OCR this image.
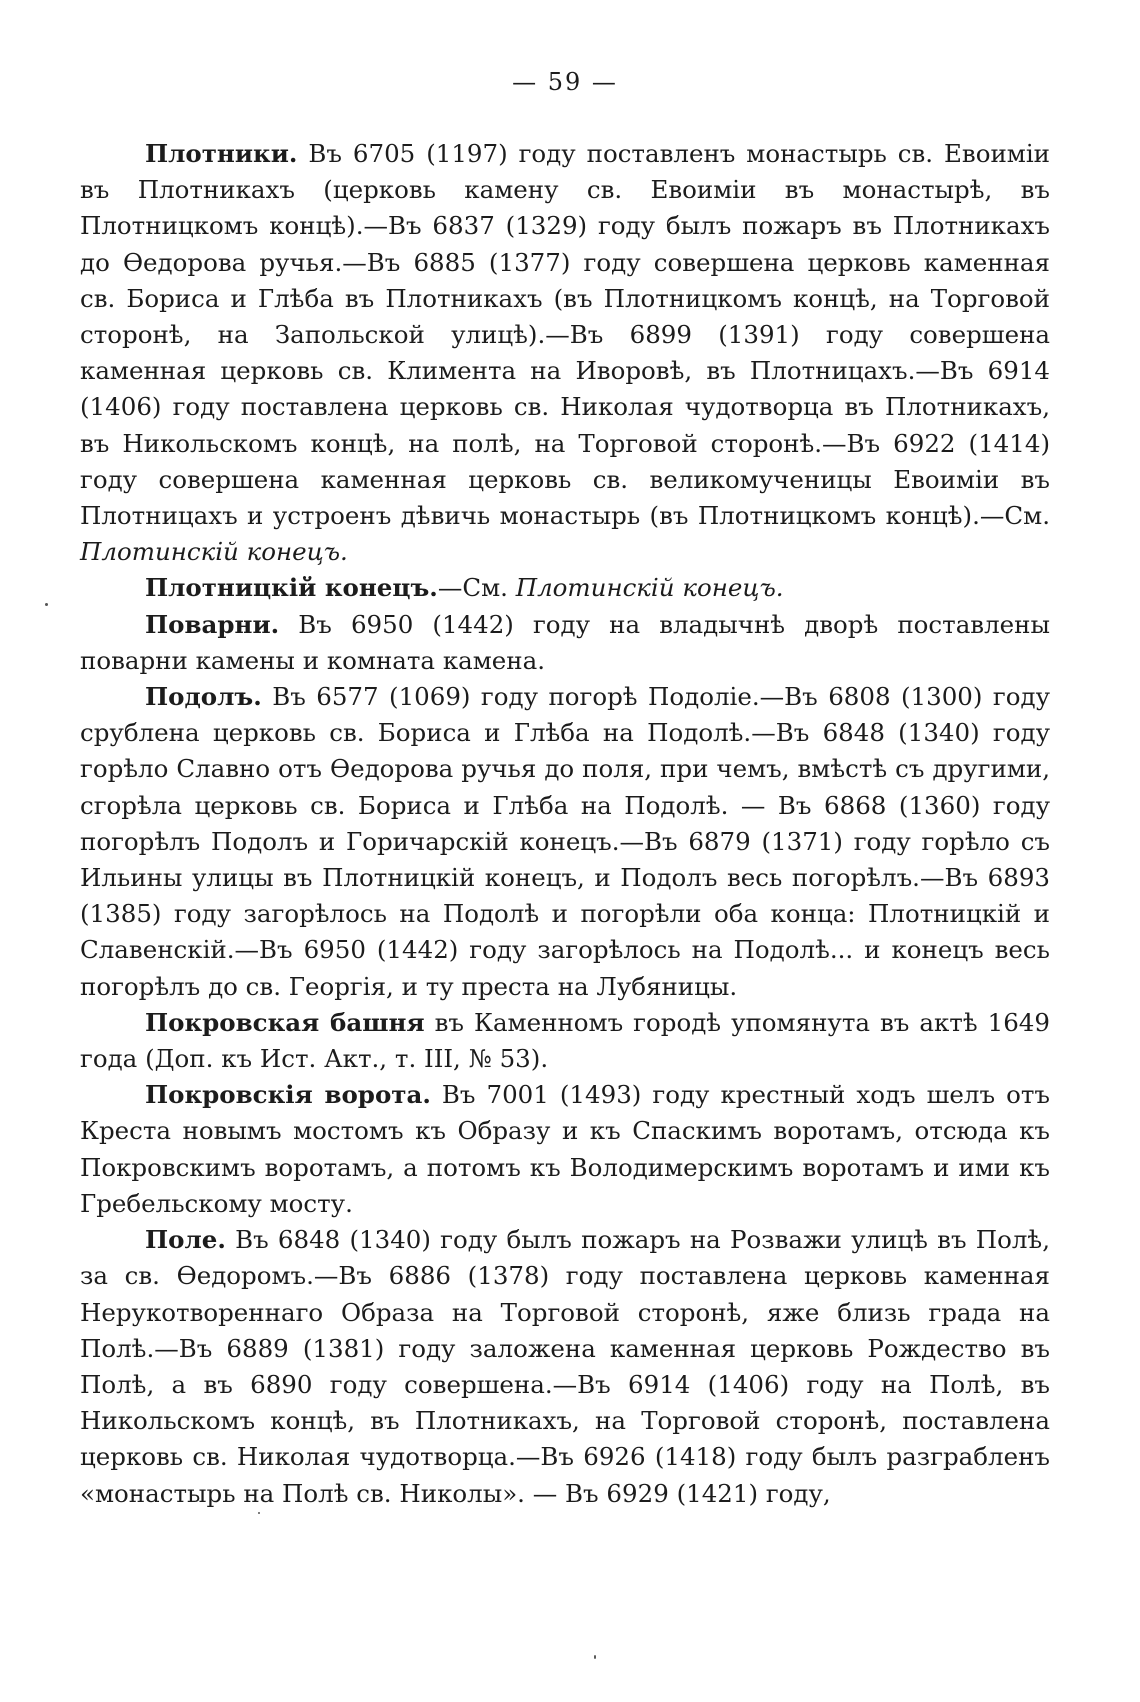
— 59 —

Плотники. Въ 6705 (1197) году поставленъ монастырь св. Евоиміи въ Плотникахъ (церковь камену св. Евоиміи въ монастырѣ, въ Плотницкомъ концѣ).—Въ 6837 (1329) году былъ пожаръ въ Плотникахъ до Өедорова ручья.—Въ 6885 (1377) году совершена церковь каменная св. Бориса и Глѣба въ Плотникахъ (въ Плотницкомъ концѣ, на Торговой сторонѣ, на Запольской улицѣ).—Въ 6899 (1391) году совершена каменная церковь св. Климента на Иворовѣ, въ Плотницахъ.—Въ 6914 (1406) году поставлена церковь св. Николая чудотворца въ Плотникахъ, въ Никольскомъ концѣ, на полѣ, на Торговой сторонѣ.—Въ 6922 (1414) году совершена каменная церковь св. великомученицы Евоиміи въ Плотницахъ и устроенъ дѣвичь монастырь (въ Плотницкомъ концѣ).—См. Плотинскій конецъ.

Плотницкій конецъ.—См. Плотинскій конецъ.

Поварни. Въ 6950 (1442) году на владычнѣ дворѣ поставлены поварни камены и комната камена.

Подолъ. Въ 6577 (1069) году погорѣ Подоліе.—Въ 6808 (1300) году срублена церковь св. Бориса и Глѣба на Подолѣ.—Въ 6848 (1340) году горѣло Славно отъ Өедорова ручья до поля, при чемъ, вмѣстѣ съ другими, сгорѣла церковь св. Бориса и Глѣба на Подолѣ. — Въ 6868 (1360) году погорѣлъ Подолъ и Горичарскій конецъ.—Въ 6879 (1371) году горѣло съ Ильины улицы въ Плотницкій конецъ, и Подолъ весь погорѣлъ.—Въ 6893 (1385) году загорѣлось на Подолѣ и погорѣли оба конца: Плотницкій и Славенскій.—Въ 6950 (1442) году загорѣлось на Подолѣ... и конецъ весь погорѣлъ до св. Георгія, и ту преста на Лубяницы.

Покровская башня въ Каменномъ городѣ упомянута въ актѣ 1649 года (Доп. къ Ист. Акт., т. III, № 53).

Покровскія ворота. Въ 7001 (1493) году крестный ходъ шелъ отъ Креста новымъ мостомъ къ Образу и къ Спаскимъ воротамъ, отсюда къ Покровскимъ воротамъ, а потомъ къ Володимерскимъ воротамъ и ими къ Гребельскому мосту.

Поле. Въ 6848 (1340) году былъ пожаръ на Розважи улицѣ въ Полѣ, за св. Өедоромъ.—Въ 6886 (1378) году поставлена церковь каменная Нерукотвореннаго Образа на Торговой сторонѣ, яже близь града на Полѣ.—Въ 6889 (1381) году заложена каменная церковь Рождество въ Полѣ, а въ 6890 году совершена.—Въ 6914 (1406) году на Полѣ, въ Никольскомъ концѣ, въ Плотникахъ, на Торговой сторонѣ, поставлена церковь св. Николая чудотворца.—Въ 6926 (1418) году былъ разграбленъ «монастырь на Полѣ св. Николы». — Въ 6929 (1421) году,
